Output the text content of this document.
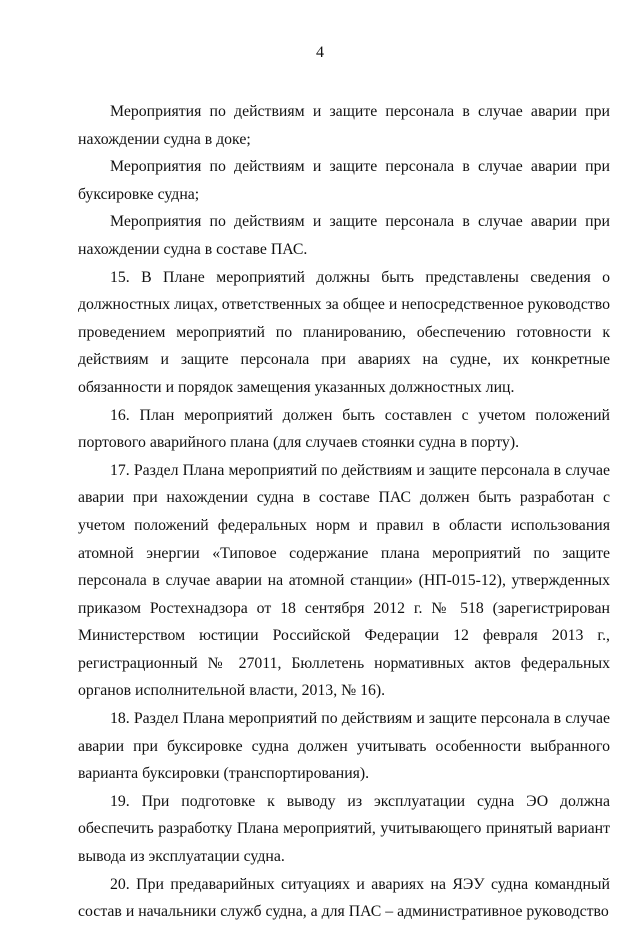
4

Мероприятия по действиям и защите персонала в случае аварии при нахождении судна в доке;

Мероприятия по действиям и защите персонала в случае аварии при буксировке судна;

Мероприятия по действиям и защите персонала в случае аварии при нахождении судна в составе ПАС.

15. В Плане мероприятий должны быть представлены сведения о должностных лицах, ответственных за общее и непосредственное руководство проведением мероприятий по планированию, обеспечению готовности к действиям и защите персонала при авариях на судне, их конкретные обязанности и порядок замещения указанных должностных лиц.

16. План мероприятий должен быть составлен с учетом положений портового аварийного плана (для случаев стоянки судна в порту).

17. Раздел Плана мероприятий по действиям и защите персонала в случае аварии при нахождении судна в составе ПАС должен быть разработан с учетом положений федеральных норм и правил в области использования атомной энергии «Типовое содержание плана мероприятий по защите персонала в случае аварии на атомной станции» (НП-015-12), утвержденных приказом Ростехнадзора от 18 сентября 2012 г. № 518 (зарегистрирован Министерством юстиции Российской Федерации 12 февраля 2013 г., регистрационный № 27011, Бюллетень нормативных актов федеральных органов исполнительной власти, 2013, № 16).

18. Раздел Плана мероприятий по действиям и защите персонала в случае аварии при буксировке судна должен учитывать особенности выбранного варианта буксировки (транспортирования).

19. При подготовке к выводу из эксплуатации судна ЭО должна обеспечить разработку Плана мероприятий, учитывающего принятый вариант вывода из эксплуатации судна.

20. При предаварийных ситуациях и авариях на ЯЭУ судна командный состав и начальники служб судна, а для ПАС – административное руководство
